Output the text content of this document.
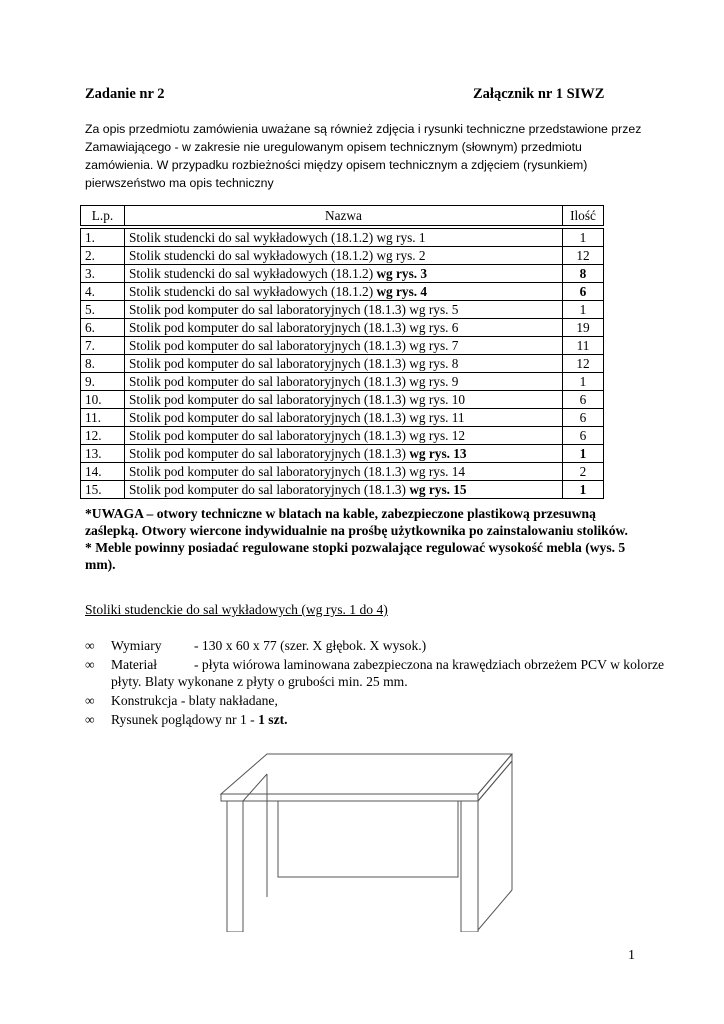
Zadanie nr 2	Załącznik nr 1 SIWZ
Za opis przedmiotu zamówienia uważane są również zdjęcia i rysunki techniczne przedstawione przez Zamawiającego - w zakresie nie uregulowanym opisem technicznym (słownym) przedmiotu zamówienia. W przypadku rozbieżności między opisem technicznym a zdjęciem (rysunkiem) pierwszeństwo ma opis techniczny
L.p.	Nazwa	Ilość
1.	Stolik studencki do sal wykładowych (18.1.2) wg rys. 1	1
2.	Stolik studencki do sal wykładowych (18.1.2) wg rys. 2	12
3.	Stolik studencki do sal wykładowych (18.1.2) wg rys. 3	8
4.	Stolik studencki do sal wykładowych (18.1.2) wg rys. 4	6
5.	Stolik pod komputer do sal laboratoryjnych (18.1.3) wg rys. 5	1
6.	Stolik pod komputer do sal laboratoryjnych (18.1.3) wg rys. 6	19
7.	Stolik pod komputer do sal laboratoryjnych (18.1.3) wg rys. 7	11
8.	Stolik pod komputer do sal laboratoryjnych (18.1.3) wg rys. 8	12
9.	Stolik pod komputer do sal laboratoryjnych (18.1.3) wg rys. 9	1
10.	Stolik pod komputer do sal laboratoryjnych (18.1.3) wg rys. 10	6
11.	Stolik pod komputer do sal laboratoryjnych (18.1.3) wg rys. 11	6
12.	Stolik pod komputer do sal laboratoryjnych (18.1.3) wg rys. 12	6
13.	Stolik pod komputer do sal laboratoryjnych (18.1.3) wg rys. 13	1
14.	Stolik pod komputer do sal laboratoryjnych (18.1.3) wg rys. 14	2
15.	Stolik pod komputer do sal laboratoryjnych (18.1.3) wg rys. 15	1
*UWAGA – otwory techniczne w blatach na kable, zabezpieczone plastikową przesuwną zaślepką. Otwory wiercone indywidualnie na prośbę użytkownika po zainstalowaniu stolików.
* Meble powinny posiadać regulowane stopki pozwalające regulować wysokość mebla (wys. 5 mm).
Stoliki studenckie do sal wykładowych (wg rys. 1 do 4)
∞	Wymiary - 130 x 60 x 77 (szer. X głębok. X wysok.)
∞	Materiał	- płyta wiórowa laminowana zabezpieczona na krawędziach obrzeżem PCV w kolorze płyty. Blaty wykonane z płyty o grubości min. 25 mm.
∞	Konstrukcja - blaty nakładane,
∞	Rysunek poglądowy nr 1 - 1 szt.
1
